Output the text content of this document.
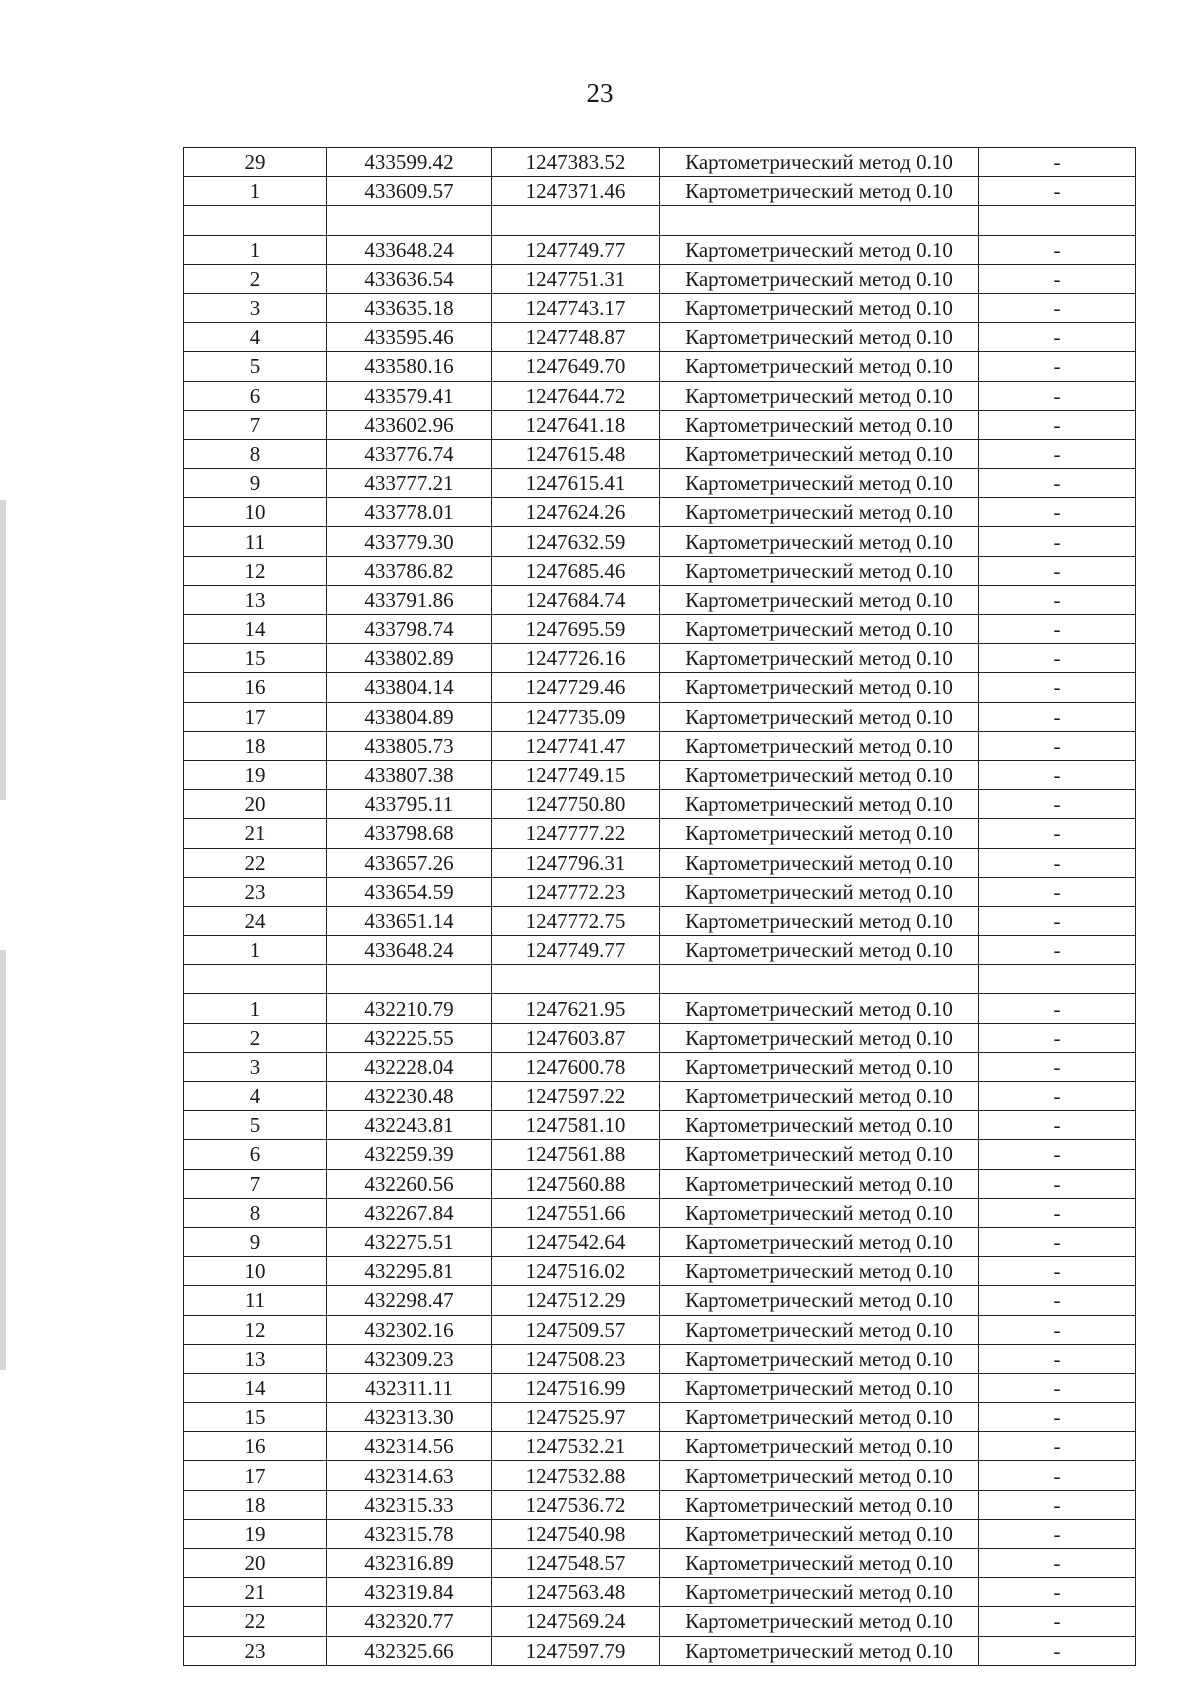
23
29	433599.42	1247383.52	Картометрический метод 0.10	-
1	433609.57	1247371.46	Картометрический метод 0.10	-

1	433648.24	1247749.77	Картометрический метод 0.10	-
2	433636.54	1247751.31	Картометрический метод 0.10	-
3	433635.18	1247743.17	Картометрический метод 0.10	-
4	433595.46	1247748.87	Картометрический метод 0.10	-
5	433580.16	1247649.70	Картометрический метод 0.10	-
6	433579.41	1247644.72	Картометрический метод 0.10	-
7	433602.96	1247641.18	Картометрический метод 0.10	-
8	433776.74	1247615.48	Картометрический метод 0.10	-
9	433777.21	1247615.41	Картометрический метод 0.10	-
10	433778.01	1247624.26	Картометрический метод 0.10	-
11	433779.30	1247632.59	Картометрический метод 0.10	-
12	433786.82	1247685.46	Картометрический метод 0.10	-
13	433791.86	1247684.74	Картометрический метод 0.10	-
14	433798.74	1247695.59	Картометрический метод 0.10	-
15	433802.89	1247726.16	Картометрический метод 0.10	-
16	433804.14	1247729.46	Картометрический метод 0.10	-
17	433804.89	1247735.09	Картометрический метод 0.10	-
18	433805.73	1247741.47	Картометрический метод 0.10	-
19	433807.38	1247749.15	Картометрический метод 0.10	-
20	433795.11	1247750.80	Картометрический метод 0.10	-
21	433798.68	1247777.22	Картометрический метод 0.10	-
22	433657.26	1247796.31	Картометрический метод 0.10	-
23	433654.59	1247772.23	Картометрический метод 0.10	-
24	433651.14	1247772.75	Картометрический метод 0.10	-
1	433648.24	1247749.77	Картометрический метод 0.10	-

1	432210.79	1247621.95	Картометрический метод 0.10	-
2	432225.55	1247603.87	Картометрический метод 0.10	-
3	432228.04	1247600.78	Картометрический метод 0.10	-
4	432230.48	1247597.22	Картометрический метод 0.10	-
5	432243.81	1247581.10	Картометрический метод 0.10	-
6	432259.39	1247561.88	Картометрический метод 0.10	-
7	432260.56	1247560.88	Картометрический метод 0.10	-
8	432267.84	1247551.66	Картометрический метод 0.10	-
9	432275.51	1247542.64	Картометрический метод 0.10	-
10	432295.81	1247516.02	Картометрический метод 0.10	-
11	432298.47	1247512.29	Картометрический метод 0.10	-
12	432302.16	1247509.57	Картометрический метод 0.10	-
13	432309.23	1247508.23	Картометрический метод 0.10	-
14	432311.11	1247516.99	Картометрический метод 0.10	-
15	432313.30	1247525.97	Картометрический метод 0.10	-
16	432314.56	1247532.21	Картометрический метод 0.10	-
17	432314.63	1247532.88	Картометрический метод 0.10	-
18	432315.33	1247536.72	Картометрический метод 0.10	-
19	432315.78	1247540.98	Картометрический метод 0.10	-
20	432316.89	1247548.57	Картометрический метод 0.10	-
21	432319.84	1247563.48	Картометрический метод 0.10	-
22	432320.77	1247569.24	Картометрический метод 0.10	-
23	432325.66	1247597.79	Картометрический метод 0.10	-
